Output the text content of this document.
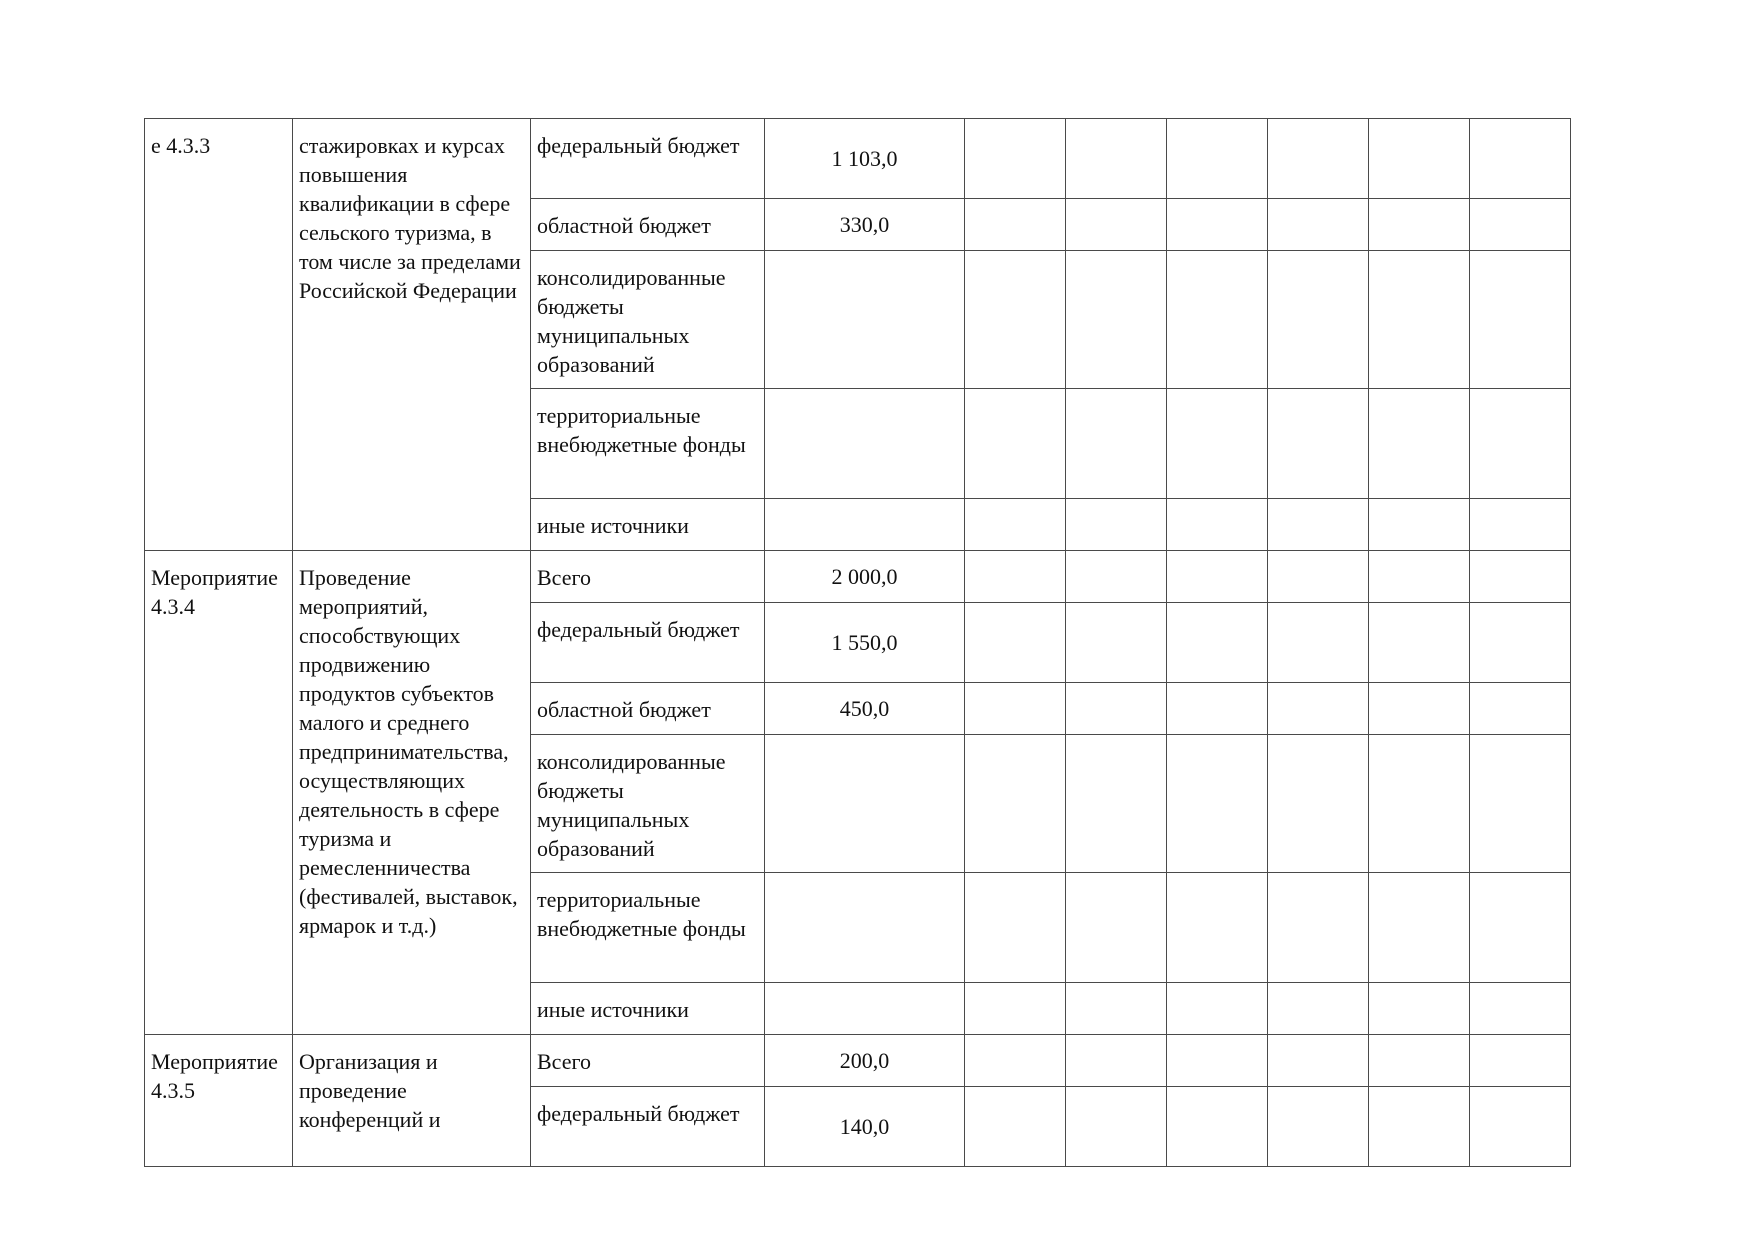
е 4.3.3	стажировках и курсах повышения квалификации в сфере сельского туризма, в том числе за пределами Российской Федерации	федеральный бюджет	1 103,0						
		областной бюджет	330,0						
		консолидированные бюджеты муниципальных образований							
		территориальные внебюджетные фонды							
		иные источники							
Мероприятие 4.3.4	Проведение мероприятий, способствующих продвижению продуктов субъектов малого и среднего предпринимательства, осуществляющих деятельность в сфере туризма и ремесленничества (фестивалей, выставок, ярмарок и т.д.)	Всего	2 000,0						
		федеральный бюджет	1 550,0						
		областной бюджет	450,0						
		консолидированные бюджеты муниципальных образований							
		территориальные внебюджетные фонды							
		иные источники							
Мероприятие 4.3.5	Организация и проведение конференций и	Всего	200,0						
		федеральный бюджет	140,0						
